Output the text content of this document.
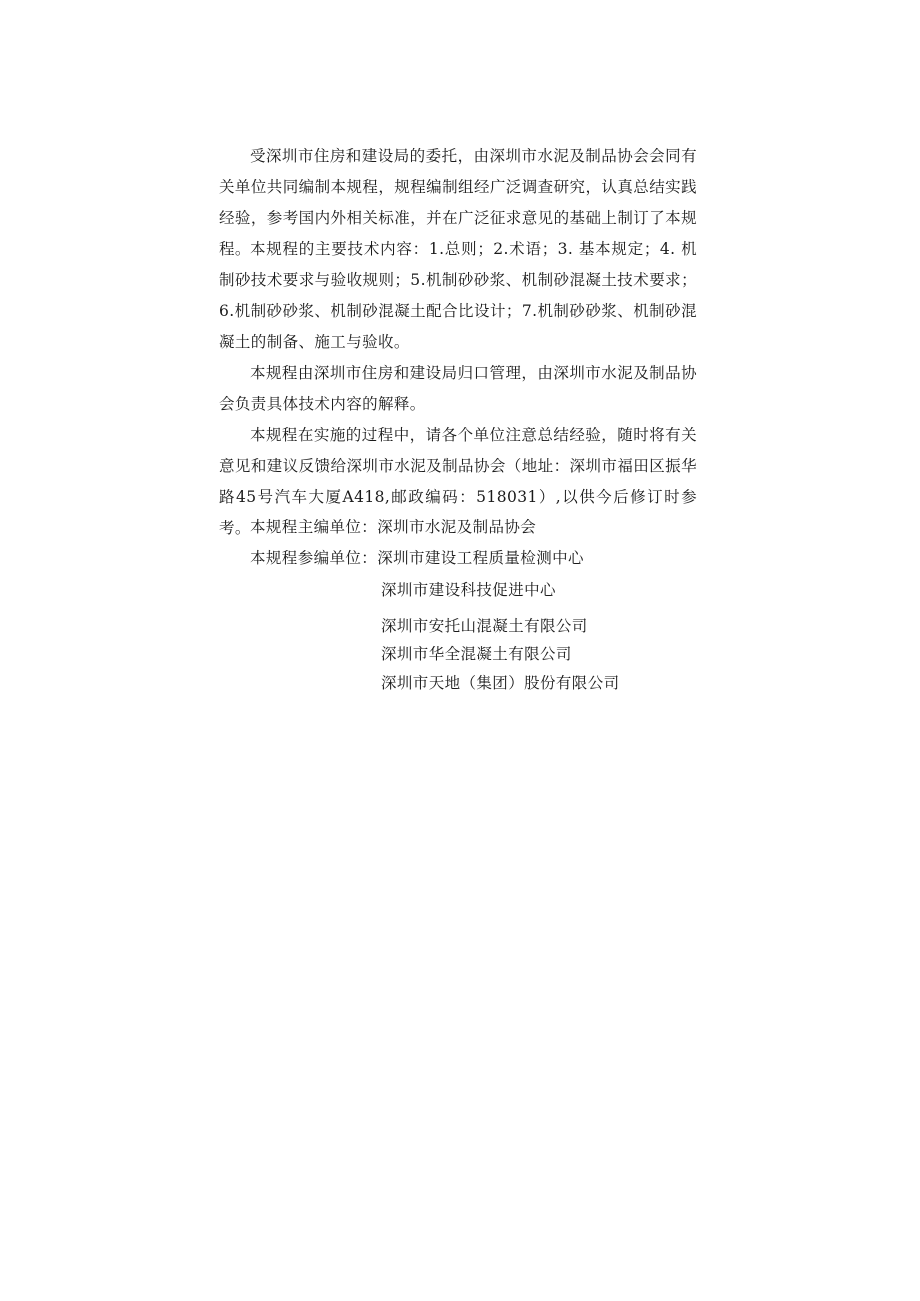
受深圳市住房和建设局的委托，由深圳市水泥及制品协会会同有关单位共同编制本规程，规程编制组经广泛调查研究，认真总结实践经验，参考国内外相关标准，并在广泛征求意见的基础上制订了本规程。 本规程的主要技术内容：1.总则；2.术语；3. 基本规定；4. 机制砂技术要求与验收规则；5.机制砂砂浆、机制砂混凝土技术要求；6.机制砂砂浆、机制砂混凝土配合比设计；7.机制砂砂浆、机制砂混凝土的制备、施工与验收。

本规程由深圳市住房和建设局归口管理，由深圳市水泥及制品协会负责具体技术内容的解释。

本规程在实施的过程中，请各个单位注意总结经验，随时将有关意见和建议反馈给深圳市水泥及制品协会（地址：深圳市福田区振华路45号汽车大厦A418,邮政编码：518031）,以供今后修订时参考。 本规程主编单位：深圳市水泥及制品协会

本规程参编单位：深圳市建设工程质量检测中心

深圳市建设科技促进中心

深圳市安托山混凝土有限公司

深圳市华全混凝土有限公司

深圳市天地（集团）股份有限公司
